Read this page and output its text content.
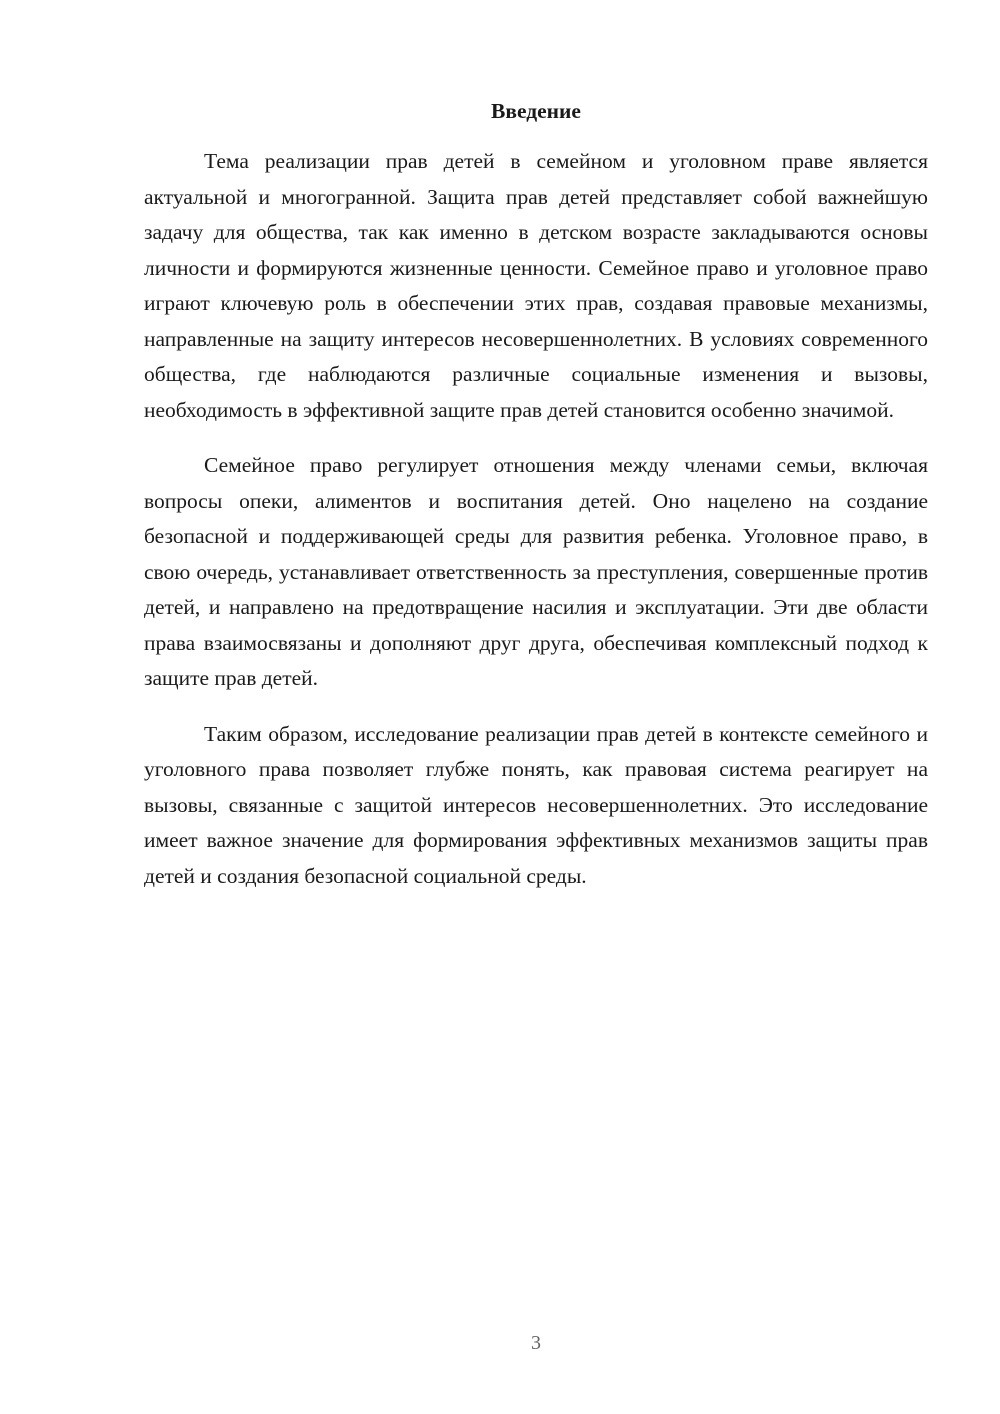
Введение

Тема реализации прав детей в семейном и уголовном праве является актуальной и многогранной. Защита прав детей представляет собой важнейшую задачу для общества, так как именно в детском возрасте закладываются основы личности и формируются жизненные ценности. Семейное право и уголовное право играют ключевую роль в обеспечении этих прав, создавая правовые механизмы, направленные на защиту интересов несовершеннолетних. В условиях современного общества, где наблюдаются различные социальные изменения и вызовы, необходимость в эффективной защите прав детей становится особенно значимой.

Семейное право регулирует отношения между членами семьи, включая вопросы опеки, алиментов и воспитания детей. Оно нацелено на создание безопасной и поддерживающей среды для развития ребенка. Уголовное право, в свою очередь, устанавливает ответственность за преступления, совершенные против детей, и направлено на предотвращение насилия и эксплуатации. Эти две области права взаимосвязаны и дополняют друг друга, обеспечивая комплексный подход к защите прав детей.

Таким образом, исследование реализации прав детей в контексте семейного и уголовного права позволяет глубже понять, как правовая система реагирует на вызовы, связанные с защитой интересов несовершеннолетних. Это исследование имеет важное значение для формирования эффективных механизмов защиты прав детей и создания безопасной социальной среды.

3
